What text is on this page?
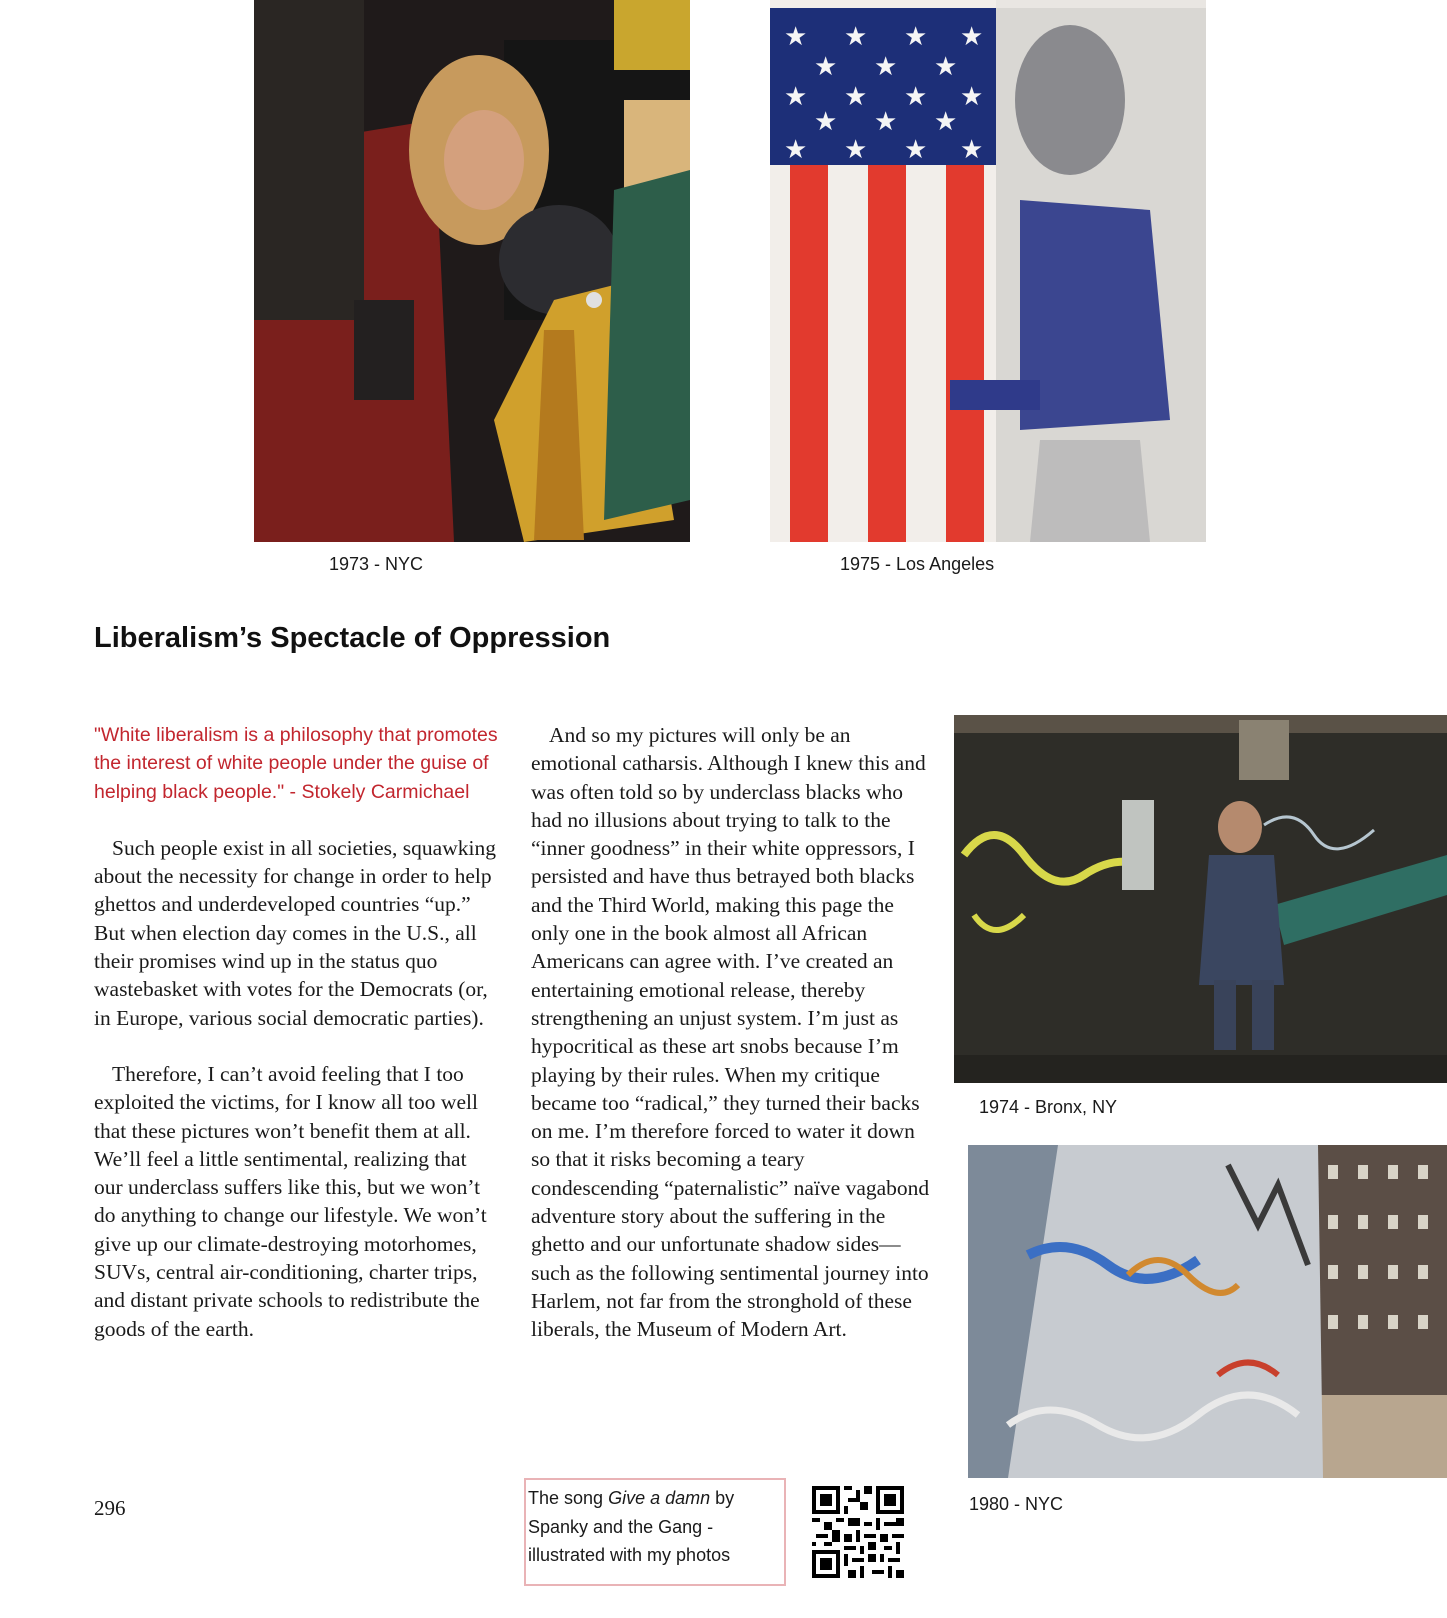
1973 - NYC
★ ★ ★ ★
★ ★ ★
★ ★ ★ ★
★ ★ ★
★ ★ ★ ★
1975 - Los Angeles
Liberalism’s Spectacle of Oppression
"White liberalism is a philosophy that promotes the interest of white people under the guise of helping black people." - Stokely Carmichael

Such people exist in all societies, squawking about the necessity for change in order to help ghettos and underdeveloped countries “up.” But when election day comes in the U.S., all their promises wind up in the status quo wastebasket with votes for the Democrats (or, in Europe, various social democratic parties).

Therefore, I can’t avoid feeling that I too exploited the victims, for I know all too well that these pictures won’t benefit them at all. We’ll feel a little sentimental, realizing that our underclass suffers like this, but we won’t do anything to change our lifestyle. We won’t give up our climate-destroying motorhomes, SUVs, central air-conditioning, charter trips, and distant private schools to redistribute the goods of the earth.

And so my pictures will only be an emotional catharsis. Although I knew this and was often told so by underclass blacks who had no illusions about trying to talk to the “inner goodness” in their white oppressors, I persisted and have thus betrayed both blacks and the Third World, making this page the only one in the book almost all African Americans can agree with. I’ve created an entertaining emotional release, thereby strengthening an unjust system. I’m just as hypocritical as these art snobs because I’m playing by their rules. When my critique became too “radical,” they turned their backs on me. I’m therefore forced to water it down so that it risks becoming a teary condescending “paternalistic” naïve vagabond adventure story about the suffering in the ghetto and our unfortunate shadow sides—such as the following sentimental journey into Harlem, not far from the stronghold of these liberals, the Museum of Modern Art.

1974 - Bronx, NY
1980 - NYC
296	The song Give a damn by Spanky and the Gang - illustrated with my photos
